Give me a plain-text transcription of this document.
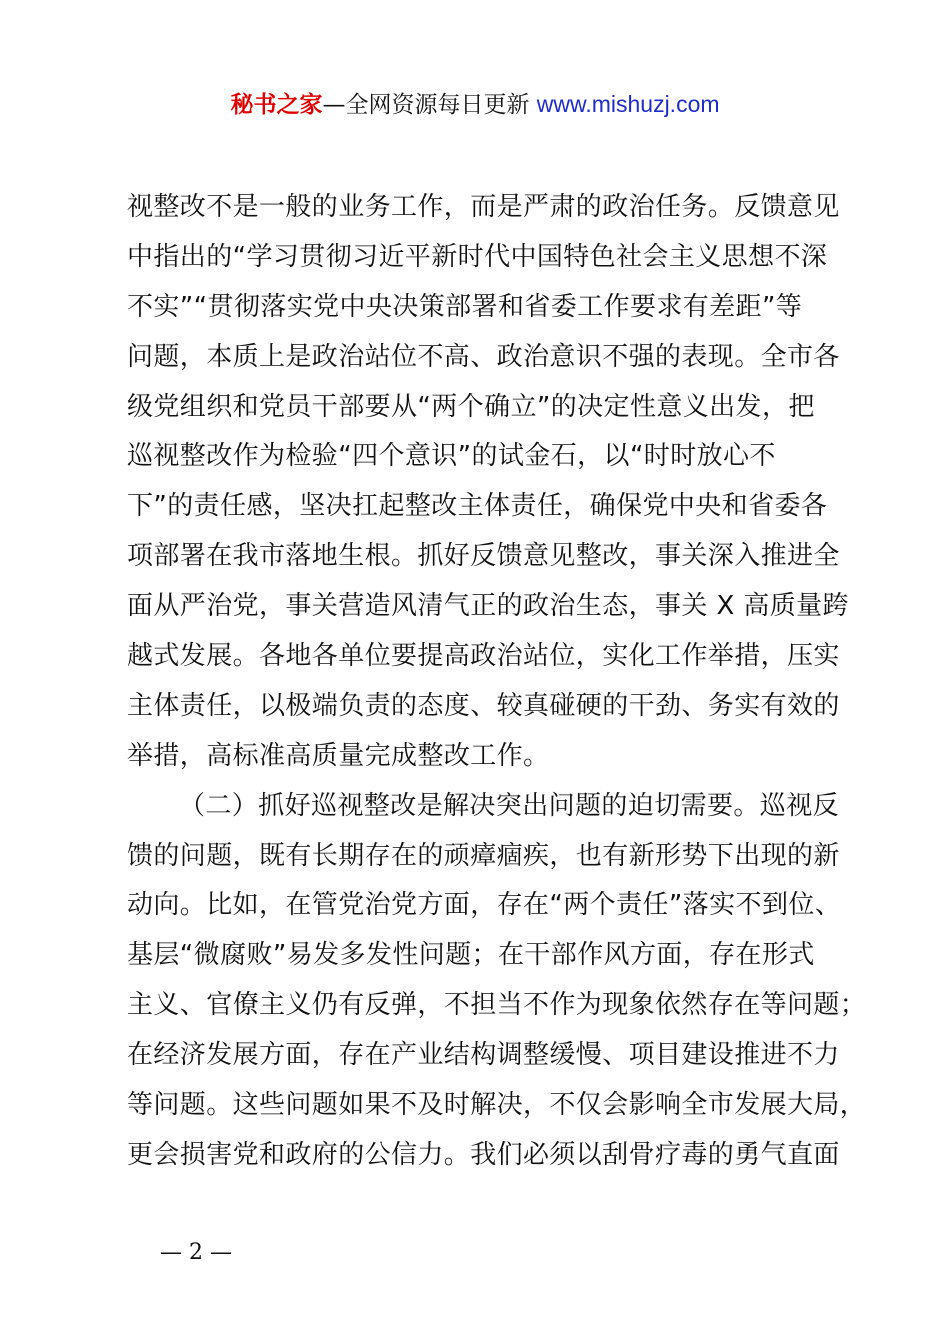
秘书之家—全网资源每日更新 www.mishuzj.com
视整改不是一般的业务工作，而是严肃的政治任务。反馈意见
中指出的“学习贯彻习近平新时代中国特色社会主义思想不深
不实”“贯彻落实党中央决策部署和省委工作要求有差距”等
问题，本质上是政治站位不高、政治意识不强的表现。全市各
级党组织和党员干部要从“两个确立”的决定性意义出发，把
巡视整改作为检验“四个意识”的试金石，以“时时放心不
下”的责任感，坚决扛起整改主体责任，确保党中央和省委各
项部署在我市落地生根。抓好反馈意见整改，事关深入推进全
面从严治党，事关营造风清气正的政治生态，事关 X 高质量跨
越式发展。各地各单位要提高政治站位，实化工作举措，压实
主体责任，以极端负责的态度、较真碰硬的干劲、务实有效的
举措，高标准高质量完成整改工作。
（二）抓好巡视整改是解决突出问题的迫切需要。巡视反
馈的问题，既有长期存在的顽瘴痼疾，也有新形势下出现的新
动向。比如，在管党治党方面，存在“两个责任”落实不到位、
基层“微腐败”易发多发性问题；在干部作风方面，存在形式
主义、官僚主义仍有反弹，不担当不作为现象依然存在等问题；
在经济发展方面，存在产业结构调整缓慢、项目建设推进不力
等问题。这些问题如果不及时解决，不仅会影响全市发展大局，
更会损害党和政府的公信力。我们必须以刮骨疗毒的勇气直面
— 2 —
